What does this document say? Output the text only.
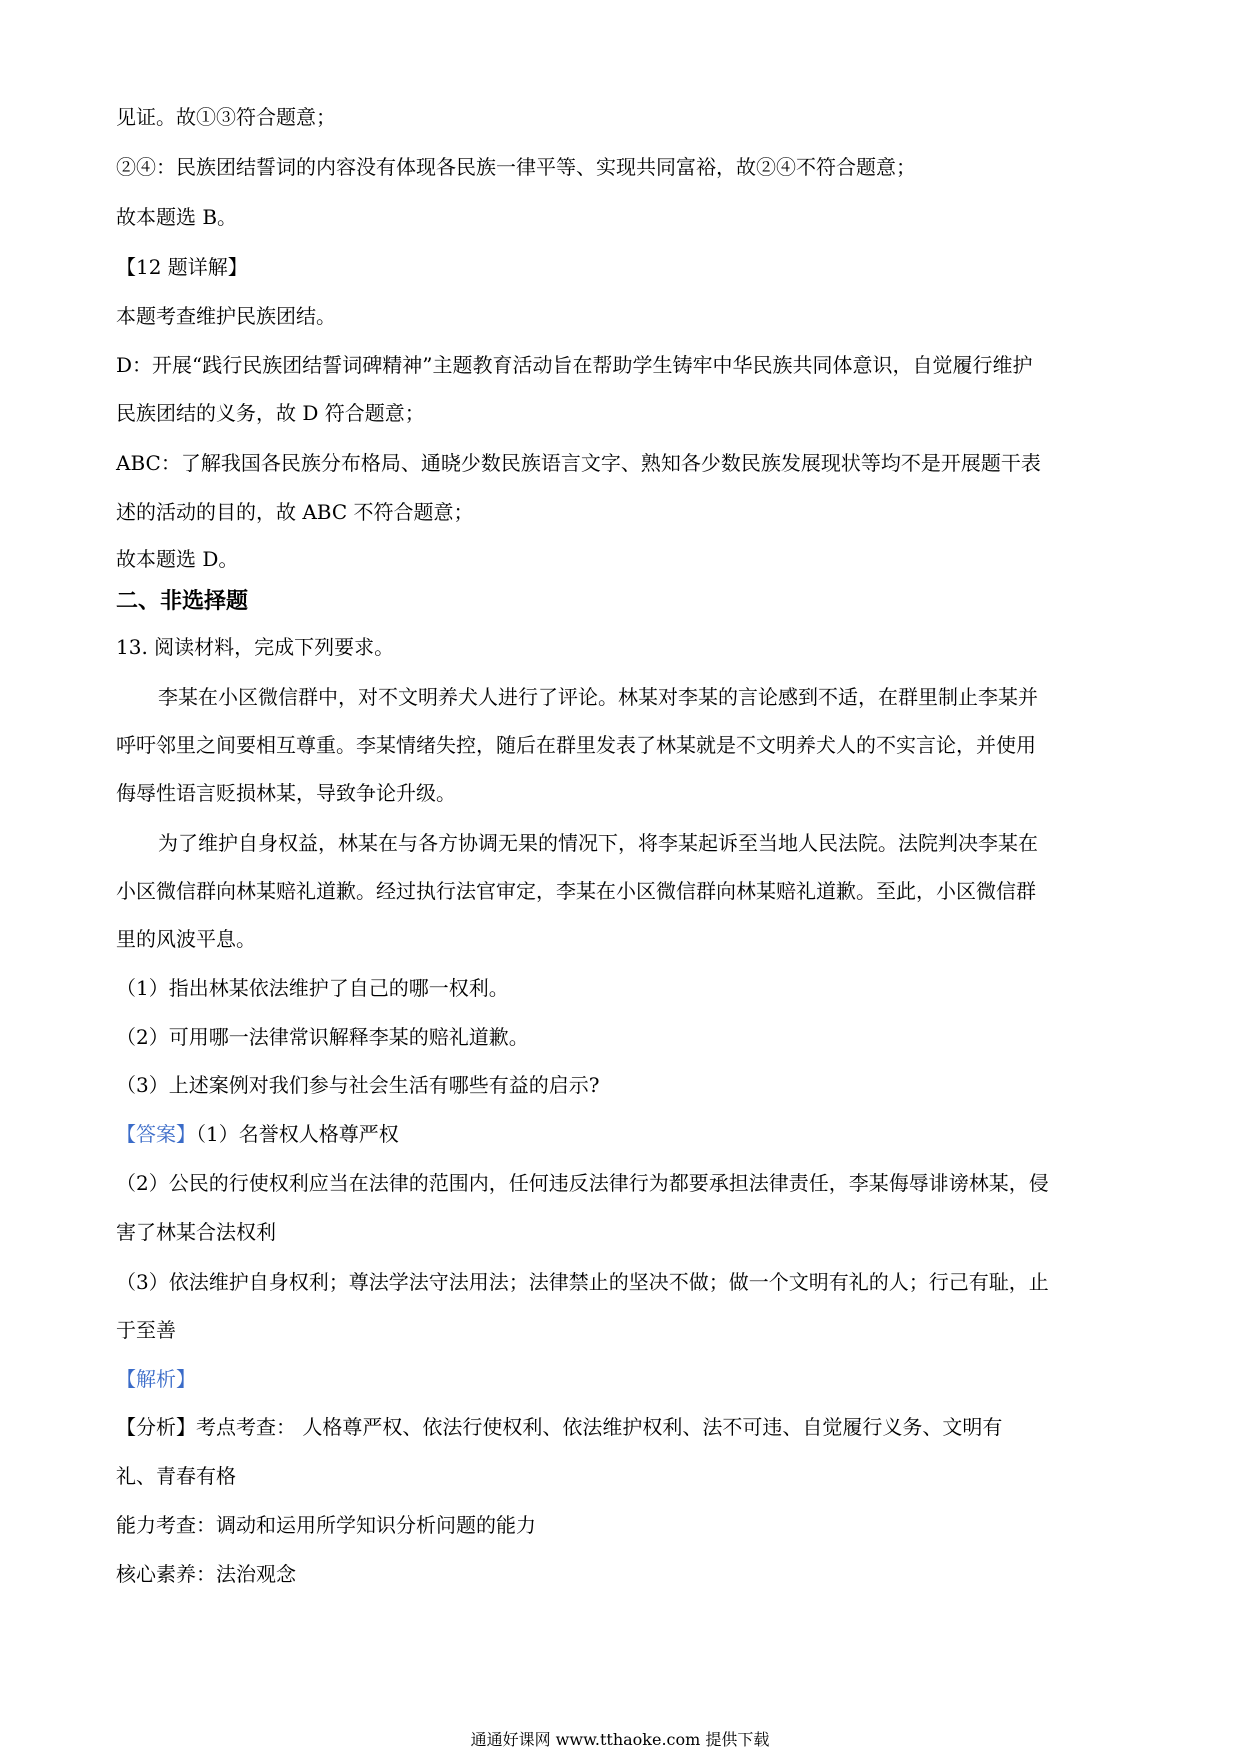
见证。故①③符合题意；
②④：民族团结誓词的内容没有体现各民族一律平等、实现共同富裕，故②④不符合题意；
故本题选 B。
【12 题详解】
本题考查维护民族团结。
D：开展“践行民族团结誓词碑精神”主题教育活动旨在帮助学生铸牢中华民族共同体意识，自觉履行维护
民族团结的义务，故 D 符合题意；
ABC：了解我国各民族分布格局、通晓少数民族语言文字、熟知各少数民族发展现状等均不是开展题干表
述的活动的目的，故 ABC 不符合题意；
故本题选 D。
二、非选择题
13. 阅读材料，完成下列要求。
李某在小区微信群中，对不文明养犬人进行了评论。林某对李某的言论感到不适，在群里制止李某并
呼吁邻里之间要相互尊重。李某情绪失控，随后在群里发表了林某就是不文明养犬人的不实言论，并使用
侮辱性语言贬损林某，导致争论升级。
为了维护自身权益，林某在与各方协调无果的情况下，将李某起诉至当地人民法院。法院判决李某在
小区微信群向林某赔礼道歉。经过执行法官审定，李某在小区微信群向林某赔礼道歉。至此，小区微信群
里的风波平息。
（1）指出林某依法维护了自己的哪一权利。
（2）可用哪一法律常识解释李某的赔礼道歉。
（3）上述案例对我们参与社会生活有哪些有益的启示?
【答案】（1）名誉权人格尊严权
（2）公民的行使权利应当在法律的范围内，任何违反法律行为都要承担法律责任，李某侮辱诽谤林某，侵
害了林某合法权利
（3）依法维护自身权利；尊法学法守法用法；法律禁止的坚决不做；做一个文明有礼的人；行己有耻，止
于至善
【解析】
【分析】考点考查： 人格尊严权、依法行使权利、依法维护权利、法不可违、自觉履行义务、文明有
礼、青春有格
能力考查：调动和运用所学知识分析问题的能力
核心素养：法治观念
通通好课网 www.tthaoke.com 提供下载
